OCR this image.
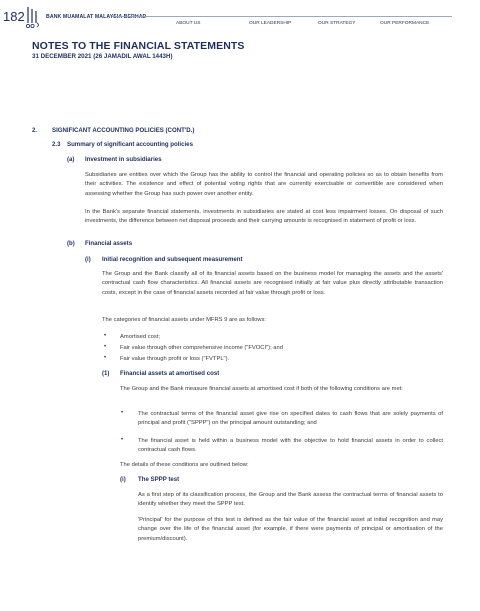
182	BANK MUAMALAT MALAYSIA BERHAD
ABOUT US	OUR LEADERSHIP	OUR STRATEGY	OUR PERFORMANCE
NOTES TO THE FINANCIAL STATEMENTS
31 DECEMBER 2021 (26 JAMADIL AWAL 1443H)
2. SIGNIFICANT ACCOUNTING POLICIES (CONT'D.)
2.3 Summary of significant accounting policies
(a) Investment in subsidiaries
Subsidiaries are entities over which the Group has the ability to control the financial and operating policies so as to obtain benefits from their activities. The existence and effect of potential voting rights that are currently exercisable or convertible are considered when assessing whether the Group has such power over another entity.
In the Bank's separate financial statements, investments in subsidiaries are stated at cost less impairment losses. On disposal of such investments, the difference between net disposal proceeds and their carrying amounts is recognised in statement of profit or loss.
(b) Financial assets
(i) Initial recognition and subsequent measurement
The Group and the Bank classify all of its financial assets based on the business model for managing the assets and the assets' contractual cash flow characteristics. All financial assets are recognised initially at fair value plus directly attributable transaction costs, except in the case of financial assets recorded at fair value through profit or loss.
The categories of financial assets under MFRS 9 are as follows:
• Amortised cost;
• Fair value through other comprehensive income ("FVOCI"); and
• Fair value through profit or loss ("FVTPL").
(1) Financial assets at amortised cost
The Group and the Bank measure financial assets at amortised cost if both of the following conditions are met:
•	The contractual terms of the financial asset give rise on specified dates to cash flows that are solely payments of principal and profit ("SPPP") on the principal amount outstanding; and
•	The financial asset is held within a business model with the objective to hold financial assets in order to collect contractual cash flows.
The details of these conditions are outlined below:
(i) The SPPP test
As a first step of its classification process, the Group and the Bank assess the contractual terms of financial assets to identify whether they meet the SPPP test.
'Principal' for the purpose of this test is defined as the fair value of the financial asset at initial recognition and may change over the life of the financial asset (for example, if there were payments of principal or amortisation of the premium/discount).
